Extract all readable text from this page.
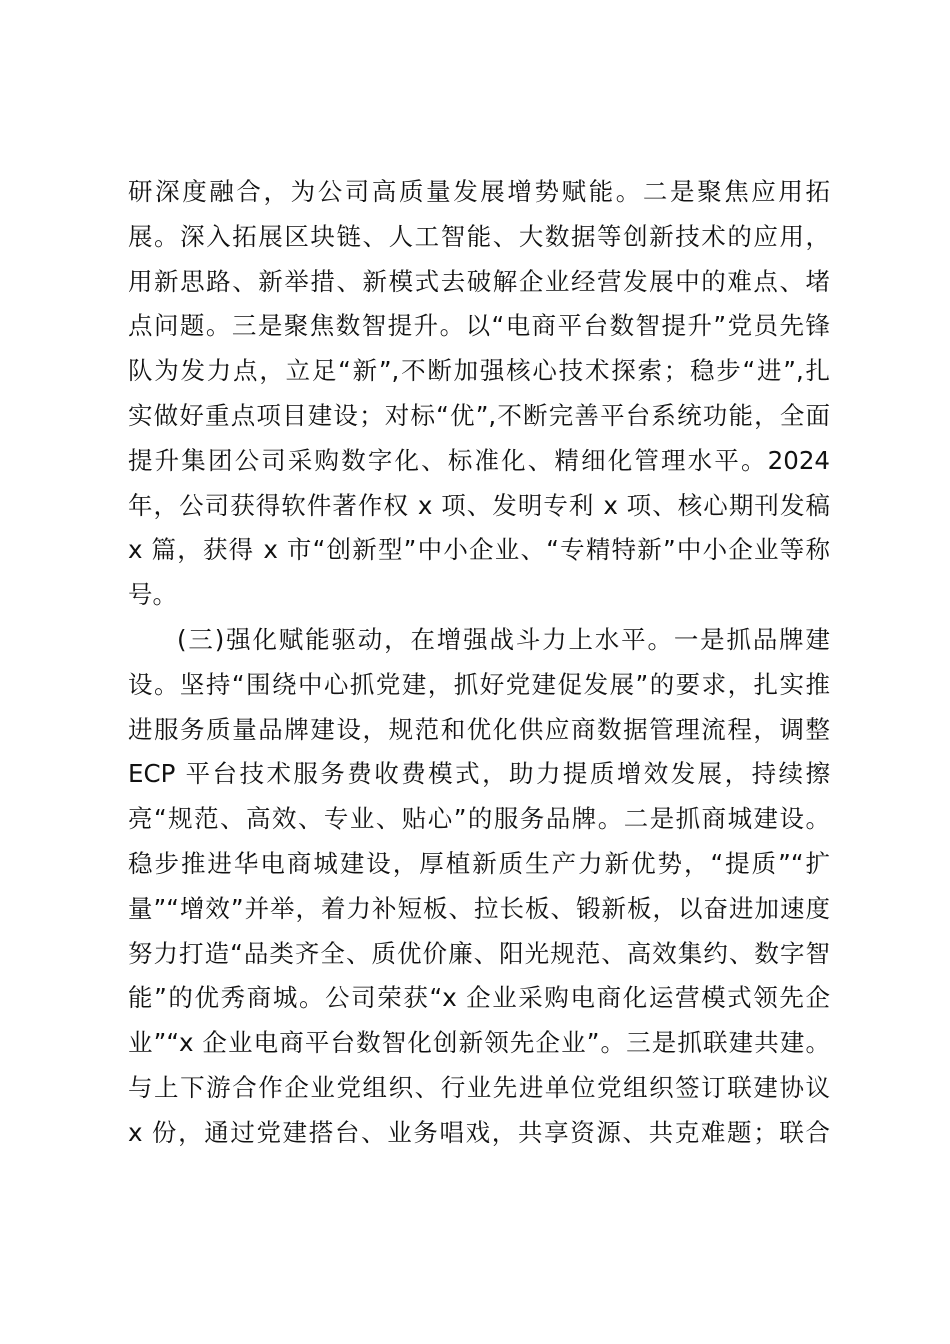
研深度融合，为公司高质量发展增势赋能。二是聚焦应用拓
展。深入拓展区块链、人工智能、大数据等创新技术的应用，
用新思路、新举措、新模式去破解企业经营发展中的难点、堵
点问题。三是聚焦数智提升。以“电商平台数智提升”党员先锋
队为发力点，立足“新”,不断加强核心技术探索；稳步“进”,扎
实做好重点项目建设；对标“优”,不断完善平台系统功能，全面
提升集团公司采购数字化、标准化、精细化管理水平。2024
年，公司获得软件著作权 x 项、发明专利 x 项、核心期刊发稿
x 篇，获得 x 市“创新型”中小企业、“专精特新”中小企业等称
号。
(三)强化赋能驱动，在增强战斗力上水平。一是抓品牌建
设。坚持“围绕中心抓党建，抓好党建促发展”的要求，扎实推
进服务质量品牌建设，规范和优化供应商数据管理流程，调整
ECP 平台技术服务费收费模式，助力提质增效发展，持续擦
亮“规范、高效、专业、贴心”的服务品牌。二是抓商城建设。
稳步推进华电商城建设，厚植新质生产力新优势，“提质”“扩
量”“增效”并举，着力补短板、拉长板、锻新板，以奋进加速度
努力打造“品类齐全、质优价廉、阳光规范、高效集约、数字智
能”的优秀商城。公司荣获“x 企业采购电商化运营模式领先企
业”“x 企业电商平台数智化创新领先企业”。三是抓联建共建。
与上下游合作企业党组织、行业先进单位党组织签订联建协议
x 份，通过党建搭台、业务唱戏，共享资源、共克难题；联合
